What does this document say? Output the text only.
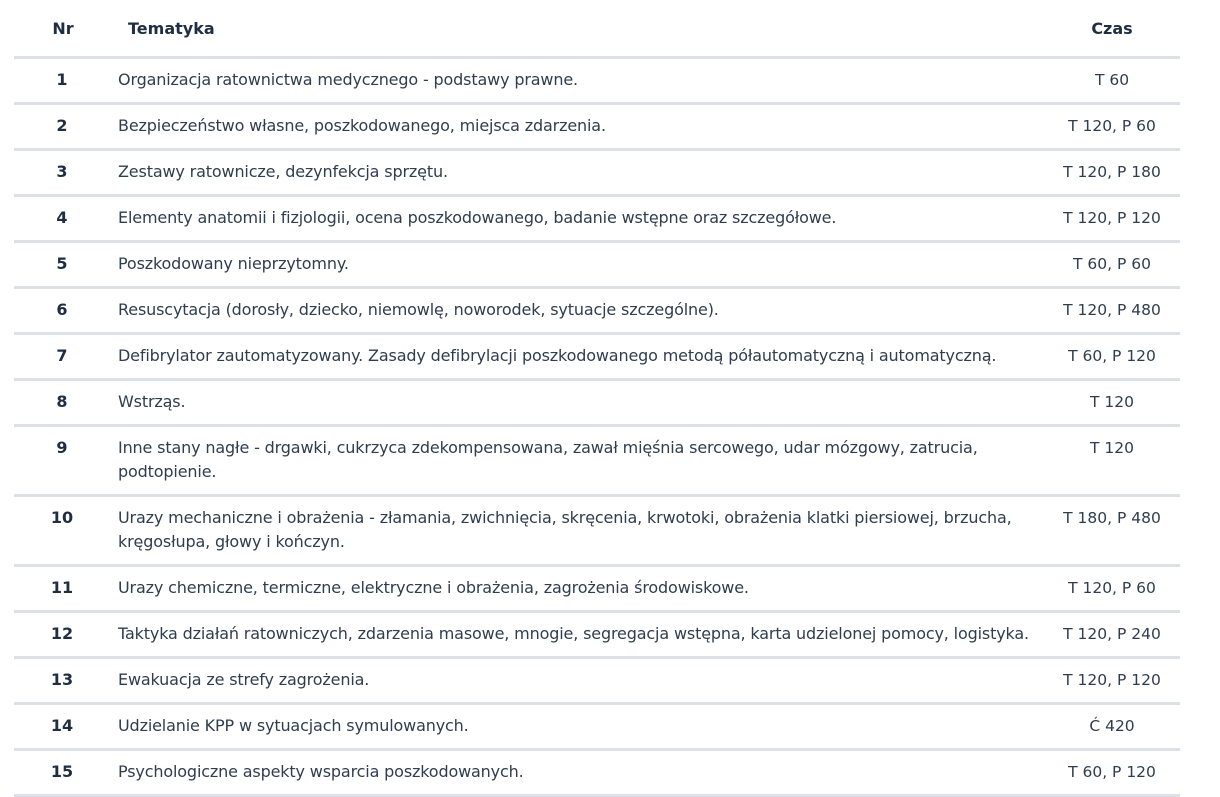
Nr	Tematyka	Czas
1	Organizacja ratownictwa medycznego - podstawy prawne.	T 60
2	Bezpieczeństwo własne, poszkodowanego, miejsca zdarzenia.	T 120, P 60
3	Zestawy ratownicze, dezynfekcja sprzętu.	T 120, P 180
4	Elementy anatomii i fizjologii, ocena poszkodowanego, badanie wstępne oraz szczegółowe.	T 120, P 120
5	Poszkodowany nieprzytomny.	T 60, P 60
6	Resuscytacja (dorosły, dziecko, niemowlę, noworodek, sytuacje szczególne).	T 120, P 480
7	Defibrylator zautomatyzowany. Zasady defibrylacji poszkodowanego metodą półautomatyczną i automatyczną.	T 60, P 120
8	Wstrząs.	T 120
9	Inne stany nagłe - drgawki, cukrzyca zdekompensowana, zawał mięśnia sercowego, udar mózgowy, zatrucia, podtopienie.	T 120
10	Urazy mechaniczne i obrażenia - złamania, zwichnięcia, skręcenia, krwotoki, obrażenia klatki piersiowej, brzucha, kręgosłupa, głowy i kończyn.	T 180, P 480
11	Urazy chemiczne, termiczne, elektryczne i obrażenia, zagrożenia środowiskowe.	T 120, P 60
12	Taktyka działań ratowniczych, zdarzenia masowe, mnogie, segregacja wstępna, karta udzielonej pomocy, logistyka.	T 120, P 240
13	Ewakuacja ze strefy zagrożenia.	T 120, P 120
14	Udzielanie KPP w sytuacjach symulowanych.	Ć 420
15	Psychologiczne aspekty wsparcia poszkodowanych.	T 60, P 120
